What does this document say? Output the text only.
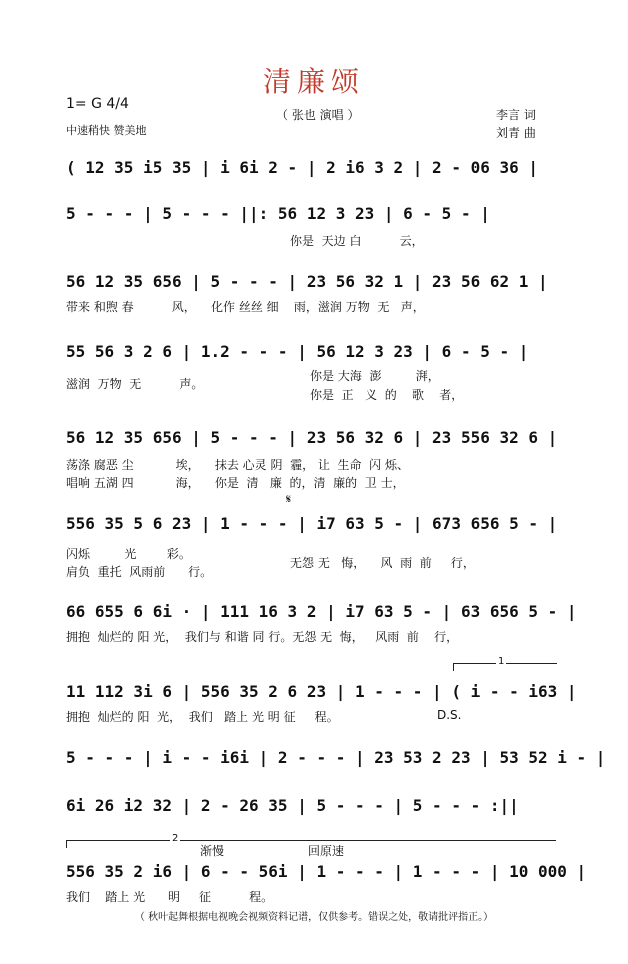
清廉颂
1= G 4/4
中速稍快 赞美地
（ 张也 演唱 ）	李言 词
刘青 曲
( 12 35 i5 35 | i 6i 2 - | 2 i6 3 2 | 2 - 06 36 |
5 - - - | 5 - - - ||: 56 12 3 23 | 6 - 5 - |
你是  天边 白          云，
56 12 35 656 | 5 - - - | 23 56 32 1 | 23 56 62 1 |
带来 和煦 春          风，    化作 丝丝 细    雨，滋润 万物  无   声，
55 56 3 2 6 | 1.2 - - - | 56 12 3 23 | 6 - 5 - |
滋润  万物  无          声。
你是 大海  澎         湃，
你是  正   义  的    歌    者，
56 12 35 656 | 5 - - - | 23 56 32 6 | 23 556 32 6 |
荡涤 腐恶 尘           埃，    抹去 心灵 阴  霾， 让  生命  闪 烁、
唱响 五湖 四           海，    你是  清   廉  的，清  廉的  卫 士，
𝄋
556 35 5 6 23 | 1 - - - | i7 63 5 - | 673 656 5 - |
闪烁         光        彩。
肩负  重托  风雨前      行。
无怨 无   悔，    风  雨  前     行，
66 655 6 6i · | 111 16 3 2 | i7 63 5 - | 63 656 5 - |
拥抱  灿烂的 阳 光，  我们与 和谐 同 行。无怨 无  悔，   风雨  前    行，
1
11 112 3i 6 | 556 35 2 6 23 | 1 - - - | ( i - - i63 |
拥抱  灿烂的 阳  光，  我们   踏上 光 明 征     程。	D.S.
5 - - - | i - - i6i | 2 - - - | 23 53 2 23 | 53 52 i - |
6i 26 i2 32 | 2 - 26 35 | 5 - - - | 5 - - - :||
2
渐慢	回原速
556 35 2 i6 | 6 - - 56i | 1 - - - | 1 - - - | 10 000 |
我们    踏上 光      明     征          程。
（ 秋叶起舞根据电视晚会视频资料记谱，仅供参考。错误之处，敬请批评指正。）
